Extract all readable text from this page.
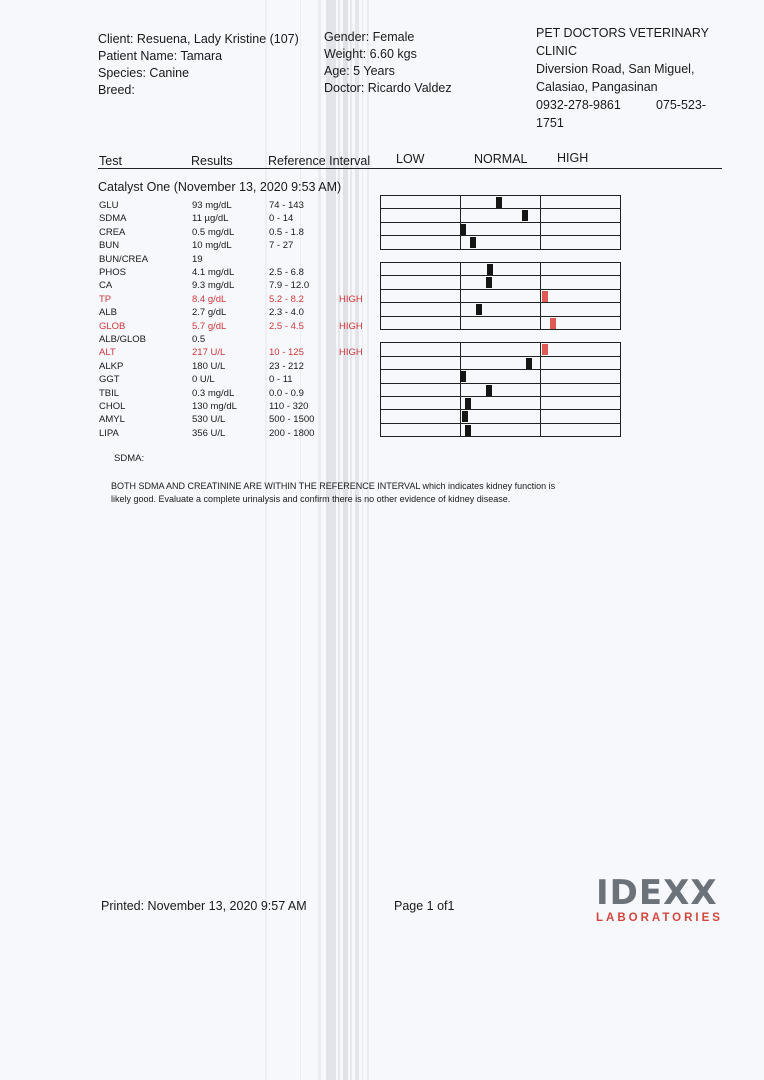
Client: Resuena, Lady Kristine (107)
Patient Name: Tamara
Species: Canine
Breed:
Gender: Female
Weight: 6.60 kgs
Age: 5 Years
Doctor: Ricardo Valdez
PET DOCTORS VETERINARY
CLINIC
Diversion Road, San Miguel,
Calasiao, Pangasinan
0932-278-9861	075-523-
1751
Test	Results	Reference Interval LOW	NORMAL HIGH
Catalyst One (November 13, 2020 9:53 AM)
GLU	93 mg/dL	74 - 143
SDMA	11 µg/dL	0 - 14
CREA	0.5 mg/dL	0.5 - 1.8
BUN	10 mg/dL	7 - 27
BUN/CREA	19
PHOS	4.1 mg/dL	2.5 - 6.8
CA	9.3 mg/dL	7.9 - 12.0
TP	8.4 g/dL	5.2 - 8.2	HIGH
ALB	2.7 g/dL	2.3 - 4.0
GLOB	5.7 g/dL	2.5 - 4.5	HIGH
ALB/GLOB	0.5
ALT	217 U/L	10 - 125	HIGH
ALKP	180 U/L	23 - 212
GGT	0 U/L	0 - 11
TBIL	0.3 mg/dL	0.0 - 0.9
CHOL	130 mg/dL	110 - 320
AMYL	530 U/L	500 - 1500
LIPA	356 U/L	200 - 1800
SDMA:
BOTH SDMA AND CREATININE ARE WITHIN THE REFERENCE INTERVAL which indicates kidney function is
likely good. Evaluate a complete urinalysis and confirm there is no other evidence of kidney disease.
Printed: November 13, 2020 9:57 AM	Page 1 of1	IDEXX
LABORATORIES
